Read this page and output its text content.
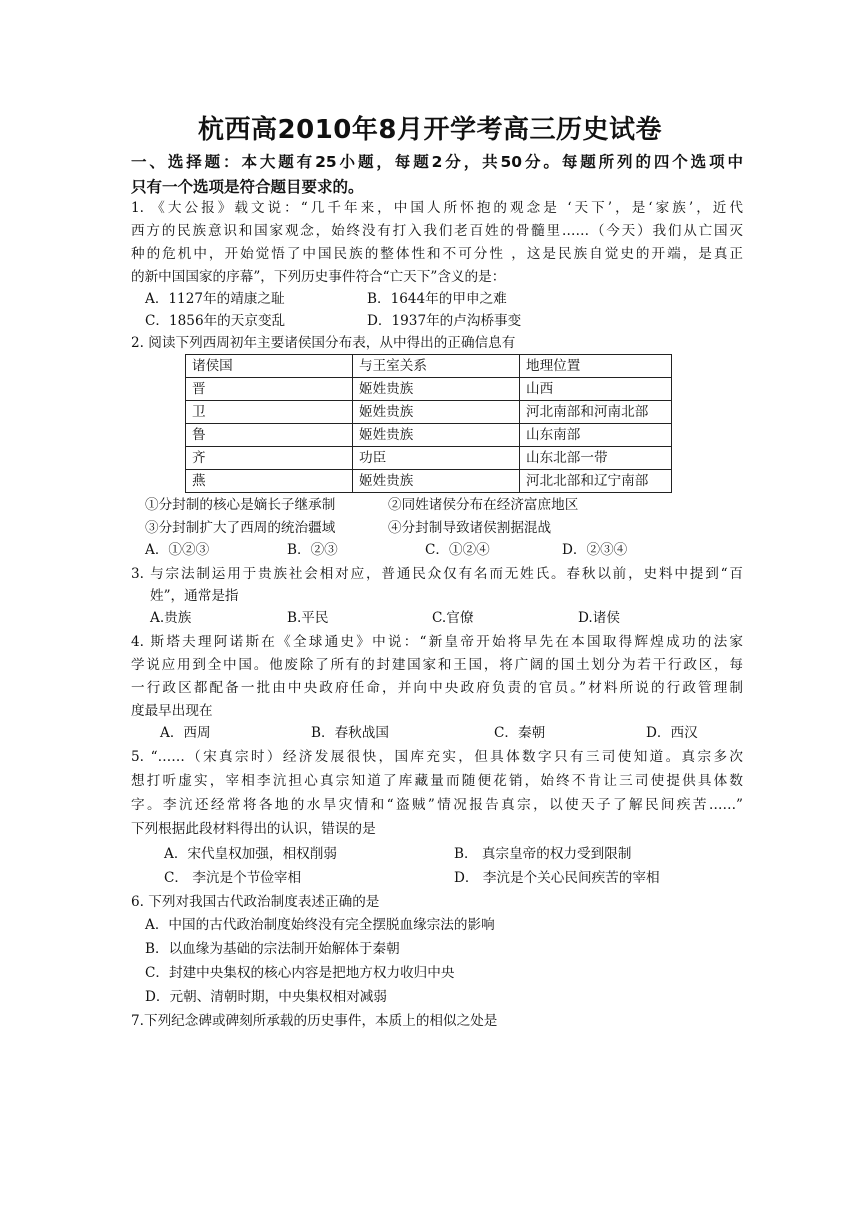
杭西高2010年8月开学考高三历史试卷
一、选择题：本大题有25小题，每题2分，共50分。每题所列的四个选项中
只有一个选项是符合题目要求的。
1. 《大公报》载文说：“几千年来，中国人所怀抱的观念是 ‘天下’，是‘家族’，近代
西方的民族意识和国家观念，始终没有打入我们老百姓的骨髓里……（今天）我们从亡国灭
种的危机中，开始觉悟了中国民族的整体性和不可分性 ，这是民族自觉史的开端，是真正
的新中国国家的序幕”，下列历史事件符合“亡天下”含义的是：
A．1127年的靖康之耻	B．1644年的甲申之难
C．1856年的天京变乱	D．1937年的卢沟桥事变
2. 阅读下列西周初年主要诸侯国分布表，从中得出的正确信息有
诸侯国	与王室关系	地理位置
晋	姬姓贵族	山西
卫	姬姓贵族	河北南部和河南北部
鲁	姬姓贵族	山东南部
齐	功臣	山东北部一带
燕	姬姓贵族	河北北部和辽宁南部
①分封制的核心是嫡长子继承制	②同姓诸侯分布在经济富庶地区
③分封制扩大了西周的统治疆域	④分封制导致诸侯割据混战
A．①②③	B．②③	C．①②④	D．②③④
3. 与宗法制运用于贵族社会相对应，普通民众仅有名而无姓氏。春秋以前，史料中提到“百
姓”，通常是指
A.贵族	B.平民	C.官僚	D.诸侯
4. 斯塔夫理阿诺斯在《全球通史》中说：“新皇帝开始将早先在本国取得辉煌成功的法家
学说应用到全中国。他废除了所有的封建国家和王国，将广阔的国土划分为若干行政区，每
一行政区都配备一批由中央政府任命，并向中央政府负责的官员。”材料所说的行政管理制
度最早出现在
A．西周	B．春秋战国	C．秦朝	D．西汉
5. “……（宋真宗时）经济发展很快，国库充实，但具体数字只有三司使知道。真宗多次
想打听虚实，宰相李沆担心真宗知道了库藏量而随便花销，始终不肯让三司使提供具体数
字。李沆还经常将各地的水旱灾情和“盗贼”情况报告真宗，以使天子了解民间疾苦……”
下列根据此段材料得出的认识，错误的是
A．宋代皇权加强，相权削弱	B． 真宗皇帝的权力受到限制
C． 李沆是个节俭宰相	D． 李沆是个关心民间疾苦的宰相
6. 下列对我国古代政治制度表述正确的是
A．中国的古代政治制度始终没有完全摆脱血缘宗法的影响
B．以血缘为基础的宗法制开始解体于秦朝
C．封建中央集权的核心内容是把地方权力收归中央
D．元朝、清朝时期，中央集权相对减弱
7.下列纪念碑或碑刻所承载的历史事件，本质上的相似之处是
